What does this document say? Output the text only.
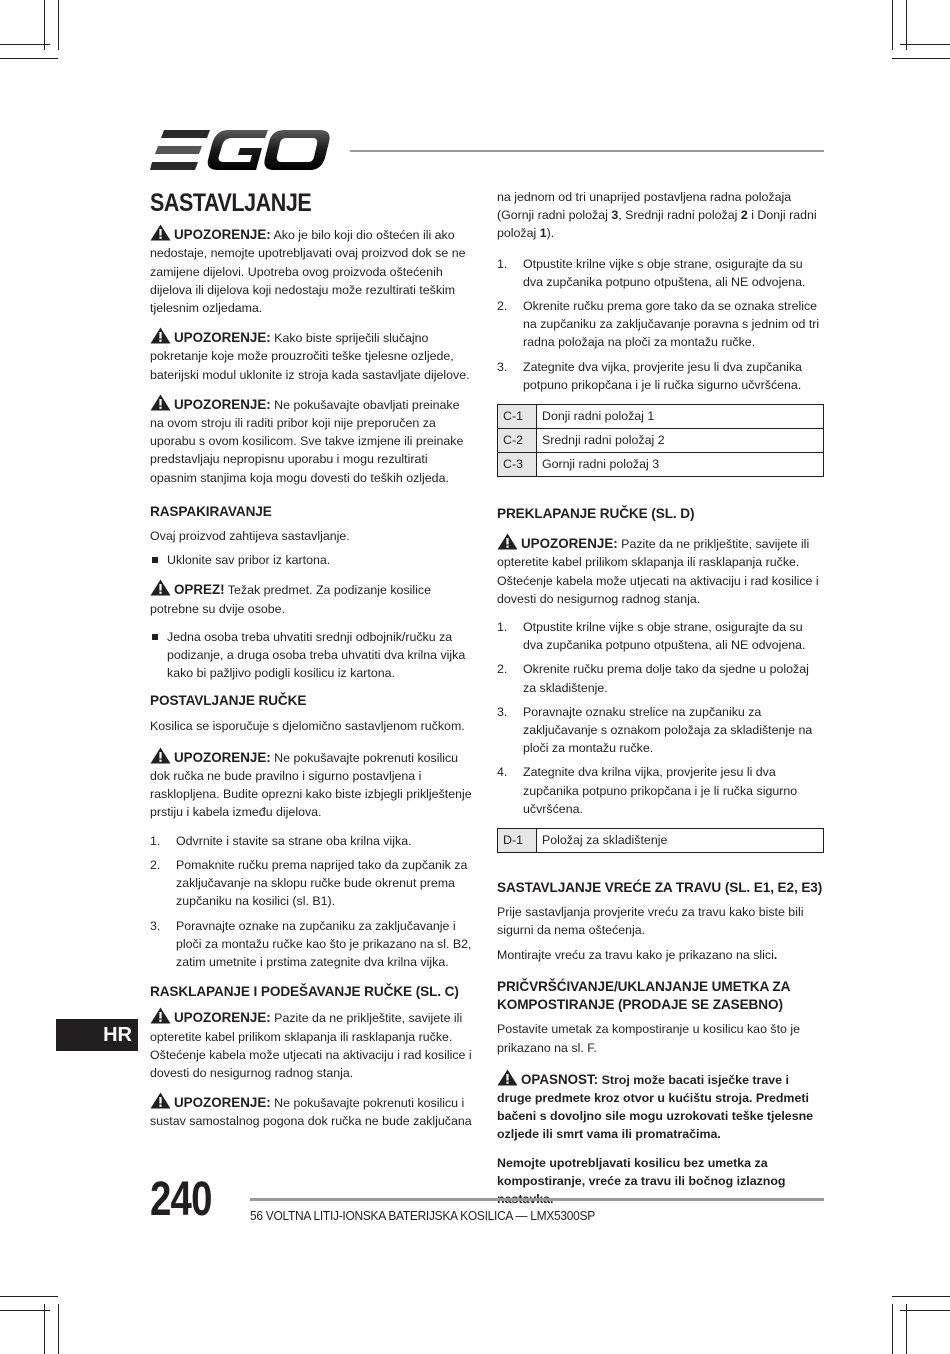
SASTAVLJANJE

UPOZORENJE: Ako je bilo koji dio oštećen ili ako nedostaje, nemojte upotrebljavati ovaj proizvod dok se ne zamijene dijelovi. Upotreba ovog proizvoda oštećenih dijelova ili dijelova koji nedostaju može rezultirati teškim tjelesnim ozljedama.

UPOZORENJE: Kako biste spriječili slučajno pokretanje koje može prouzročiti teške tjelesne ozljede, baterijski modul uklonite iz stroja kada sastavljate dijelove.

UPOZORENJE: Ne pokušavajte obavljati preinake na ovom stroju ili raditi pribor koji nije preporučen za uporabu s ovom kosilicom. Sve takve izmjene ili preinake predstavljaju nepropisnu uporabu i mogu rezultirati opasnim stanjima koja mogu dovesti do teških ozljeda.

RASPAKIRAVANJE

Ovaj proizvod zahtijeva sastavljanje.

Uklonite sav pribor iz kartona.

OPREZ! Težak predmet. Za podizanje kosilice potrebne su dvije osobe.

Jedna osoba treba uhvatiti srednji odbojnik/ručku za podizanje, a druga osoba treba uhvatiti dva krilna vijka kako bi pažljivo podigli kosilicu iz kartona.
POSTAVLJANJE RUČKE

Kosilica se isporučuje s djelomično sastavljenom ručkom.

UPOZORENJE: Ne pokušavajte pokrenuti kosilicu dok ručka ne bude pravilno i sigurno postavljena i rasklopljena. Budite oprezni kako biste izbjegli priklještenje prstiju i kabela između dijelova.

1. Odvrnite i stavite sa strane oba krilna vijka.
2. Pomaknite ručku prema naprijed tako da zupčanik za zaključavanje na sklopu ručke bude okrenut prema zupčaniku na kosilici (sl. B1).
3. Poravnajte oznake na zupčaniku za zaključavanje i ploči za montažu ručke kao što je prikazano na sl. B2, zatim umetnite i prstima zategnite dva krilna vijka.
RASKLAPANJE I PODEŠAVANJE RUČKE (SL. C)

UPOZORENJE: Pazite da ne priklještite, savijete ili opteretite kabel prilikom sklapanja ili rasklapanja ručke. Oštećenje kabela može utjecati na aktivaciju i rad kosilice i dovesti do nesigurnog radnog stanja.

UPOZORENJE: Ne pokušavajte pokrenuti kosilicu i sustav samostalnog pogona dok ručka ne bude zaključana

na jednom od tri unaprijed postavljena radna položaja (Gornji radni položaj 3, Srednji radni položaj 2 i Donji radni položaj 1).

1. Otpustite krilne vijke s obje strane, osigurajte da su dva zupčanika potpuno otpuštena, ali NE odvojena.
2. Okrenite ručku prema gore tako da se oznaka strelice na zupčaniku za zaključavanje poravna s jednim od tri radna položaja na ploči za montažu ručke.
3. Zategnite dva vijka, provjerite jesu li dva zupčanika potpuno prikopčana i je li ručka sigurno učvršćena.
C-1	Donji radni položaj 1
C-2	Srednji radni položaj 2
C-3	Gornji radni položaj 3
PREKLAPANJE RUČKE (SL. D)

UPOZORENJE: Pazite da ne priklještite, savijete ili opteretite kabel prilikom sklapanja ili rasklapanja ručke. Oštećenje kabela može utjecati na aktivaciju i rad kosilice i dovesti do nesigurnog radnog stanja.

1. Otpustite krilne vijke s obje strane, osigurajte da su dva zupčanika potpuno otpuštena, ali NE odvojena.
2. Okrenite ručku prema dolje tako da sjedne u položaj za skladištenje.
3. Poravnajte oznaku strelice na zupčaniku za zaključavanje s oznakom položaja za skladištenje na ploči za montažu ručke.
4. Zategnite dva krilna vijka, provjerite jesu li dva zupčanika potpuno prikopčana i je li ručka sigurno učvršćena.
D-1	Položaj za skladištenje
SASTAVLJANJE VREĆE ZA TRAVU (SL. E1, E2, E3)

Prije sastavljanja provjerite vreću za travu kako biste bili sigurni da nema oštećenja.

Montirajte vreću za travu kako je prikazano na slici.

PRIČVRŠĆIVANJE/UKLANJANJE UMETKA ZA KOMPOSTIRANJE (PRODAJE SE ZASEBNO)

Postavite umetak za kompostiranje u kosilicu kao što je prikazano na sl. F.

OPASNOST: Stroj može bacati isječke trave i druge predmete kroz otvor u kućištu stroja. Predmeti bačeni s dovoljno sile mogu uzrokovati teške tjelesne ozljede ili smrt vama ili promatračima.

Nemojte upotrebljavati kosilicu bez umetka za kompostiranje, vreće za travu ili bočnog izlaznog

HR
240	56 VOLTNA LITIJ-IONSKA BATERIJSKA KOSILICA — LMX5300SP
